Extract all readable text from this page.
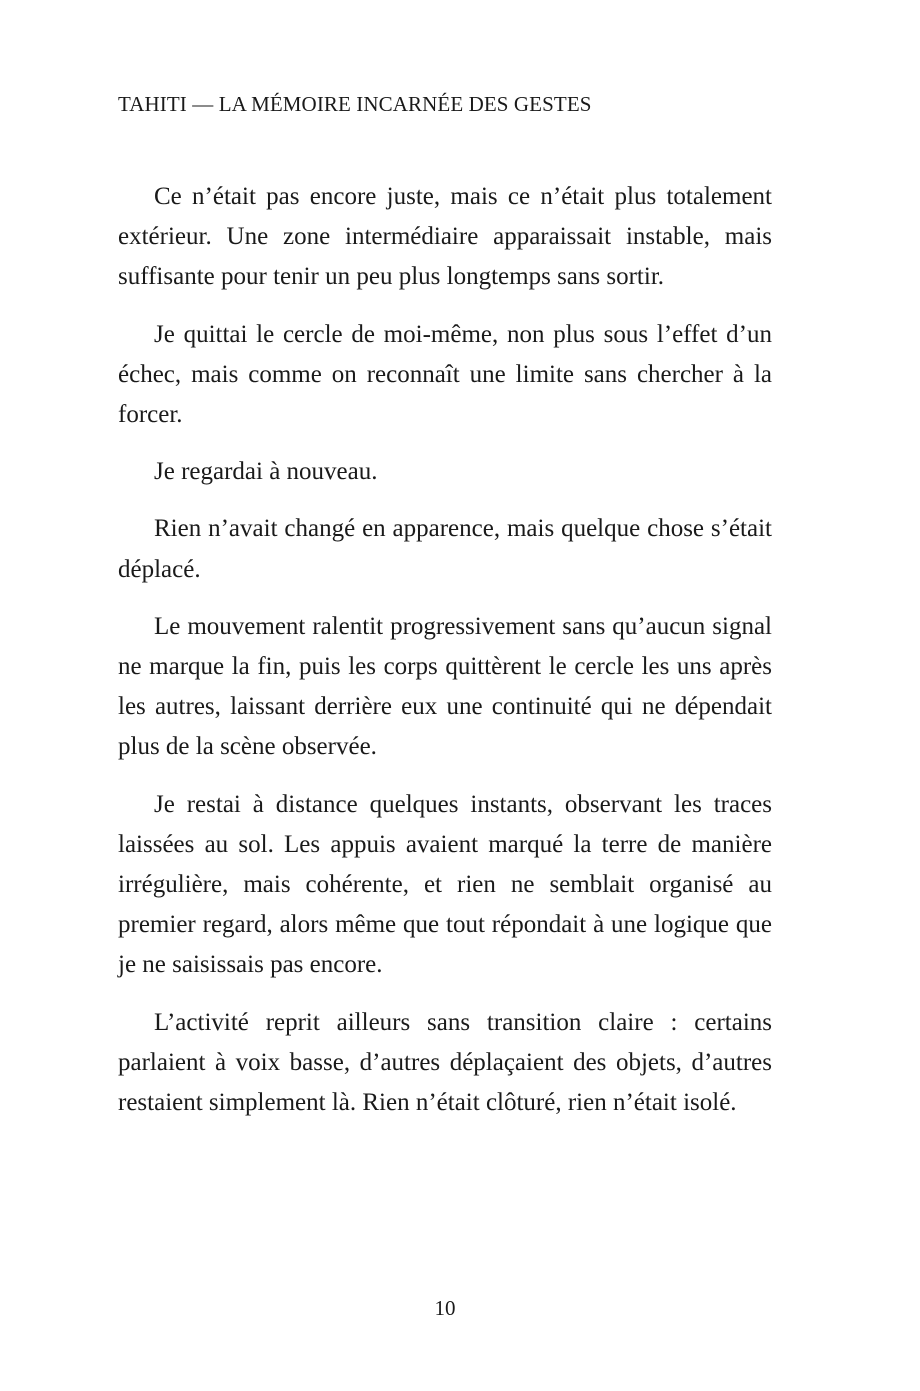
TAHITI — LA MÉMOIRE INCARNÉE DES GESTES

Ce n’était pas encore juste, mais ce n’était plus totalement extérieur. Une zone intermédiaire apparaissait instable, mais suffisante pour tenir un peu plus longtemps sans sortir.

Je quittai le cercle de moi-même, non plus sous l’effet d’un échec, mais comme on reconnaît une limite sans chercher à la forcer.

Je regardai à nouveau.

Rien n’avait changé en apparence, mais quelque chose s’était déplacé.

Le mouvement ralentit progressivement sans qu’aucun signal ne marque la fin, puis les corps quittèrent le cercle les uns après les autres, laissant derrière eux une continuité qui ne dépendait plus de la scène observée.

Je restai à distance quelques instants, observant les traces laissées au sol. Les appuis avaient marqué la terre de manière irrégulière, mais cohérente, et rien ne semblait organisé au premier regard, alors même que tout répondait à une logique que je ne saisissais pas encore.

L’activité reprit ailleurs sans transition claire : certains parlaient à voix basse, d’autres déplaçaient des objets, d’autres restaient simplement là. Rien n’était clôturé, rien n’était isolé.

10
